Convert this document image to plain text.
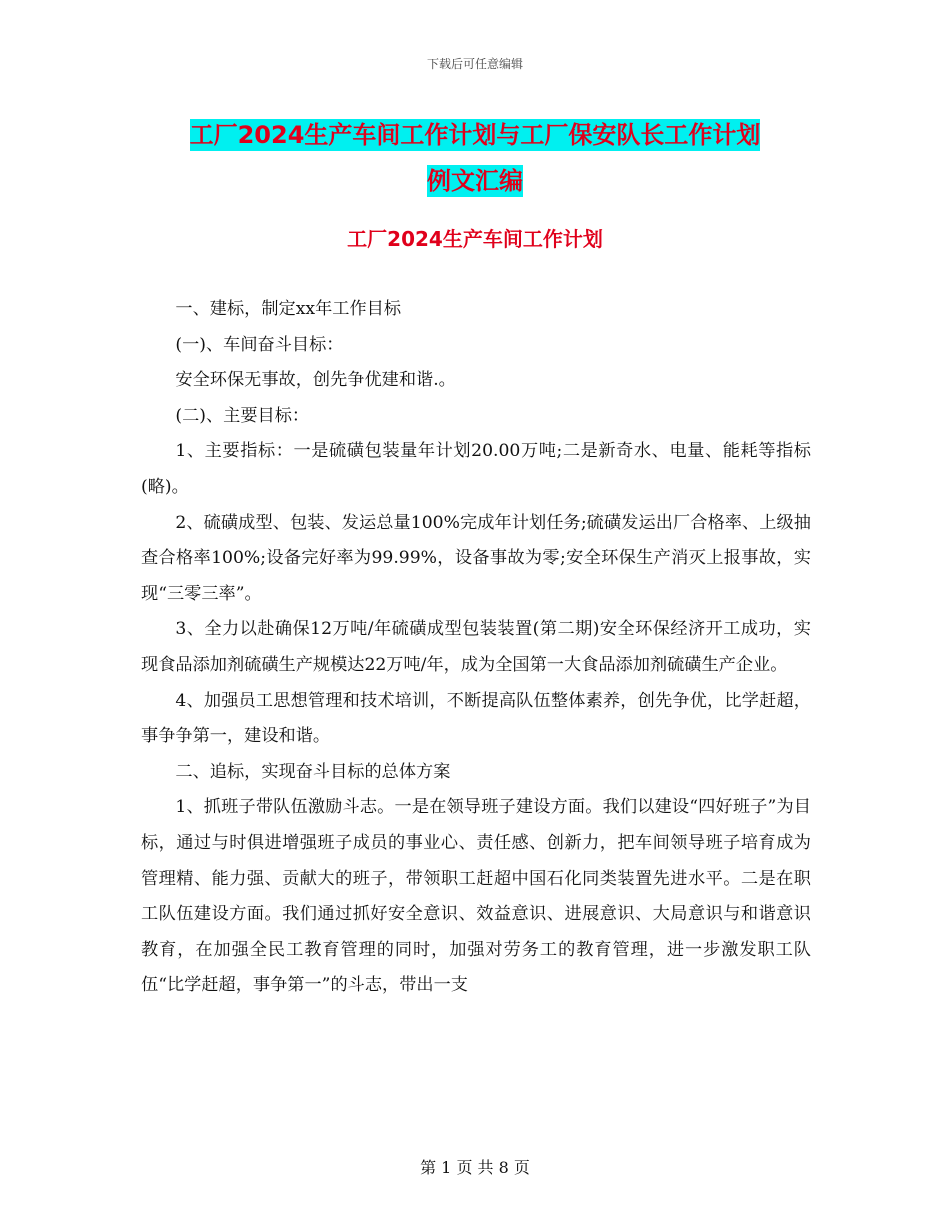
下载后可任意编辑
工厂2024生产车间工作计划与工厂保安队长工作计划
例文汇编
工厂2024生产车间工作计划

一、建标，制定xx年工作目标

(一)、车间奋斗目标：

安全环保无事故，创先争优建和谐.。

(二)、主要目标：

1、主要指标：一是硫磺包装量年计划20.00万吨;二是新奇水、电量、能耗等指标(略)。

2、硫磺成型、包装、发运总量100%完成年计划任务;硫磺发运出厂合格率、上级抽查合格率100%;设备完好率为99.99%，设备事故为零;安全环保生产消灭上报事故，实现“三零三率”。

3、全力以赴确保12万吨/年硫磺成型包装装置(第二期)安全环保经济开工成功，实现食品添加剂硫磺生产规模达22万吨/年，成为全国第一大食品添加剂硫磺生产企业。

4、加强员工思想管理和技术培训，不断提高队伍整体素养，创先争优，比学赶超，事争争第一，建设和谐。

二、追标，实现奋斗目标的总体方案

1、抓班子带队伍激励斗志。一是在领导班子建设方面。我们以建设“四好班子”为目标，通过与时俱进增强班子成员的事业心、责任感、创新力，把车间领导班子培育成为管理精、能力强、贡献大的班子，带领职工赶超中国石化同类装置先进水平。二是在职工队伍建设方面。我们通过抓好安全意识、效益意识、进展意识、大局意识与和谐意识教育，在加强全民工教育管理的同时，加强对劳务工的教育管理，进一步激发职工队伍“比学赶超，事争第一”的斗志，带出一支

第 1 页 共 8 页
